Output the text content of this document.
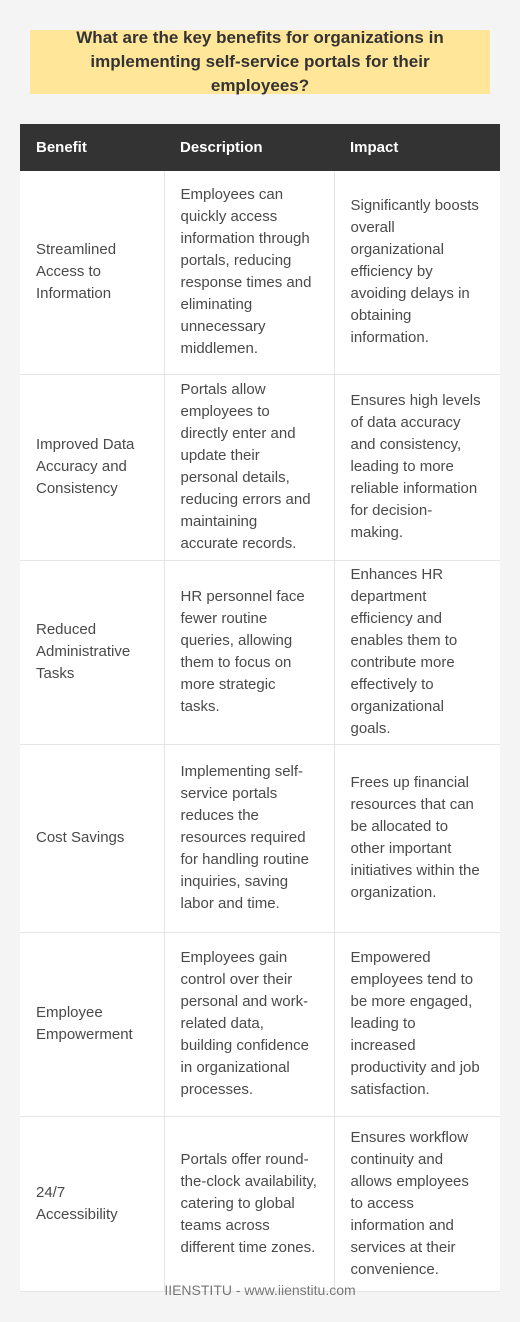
What are the key benefits for organizations in implementing self-service portals for their employees?
Benefit	Description	Impact
Streamlined Access to Information	Employees can quickly access information through portals, reducing response times and eliminating unnecessary middlemen.	Significantly boosts overall organizational efficiency by avoiding delays in obtaining information.
Improved Data Accuracy and Consistency	Portals allow employees to directly enter and update their personal details, reducing errors and maintaining accurate records.	Ensures high levels of data accuracy and consistency, leading to more reliable information for decision-making.
Reduced Administrative Tasks	HR personnel face fewer routine queries, allowing them to focus on more strategic tasks.	Enhances HR department efficiency and enables them to contribute more effectively to organizational goals.
Cost Savings	Implementing self-service portals reduces the resources required for handling routine inquiries, saving labor and time.	Frees up financial resources that can be allocated to other important initiatives within the organization.
Employee Empowerment	Employees gain control over their personal and work-related data, building confidence in organizational processes.	Empowered employees tend to be more engaged, leading to increased productivity and job satisfaction.
24/7 Accessibility	Portals offer round-the-clock availability, catering to global teams across different time zones.	Ensures workflow continuity and allows employees to access information and services at their convenience.
IIENSTITU - www.iienstitu.com
